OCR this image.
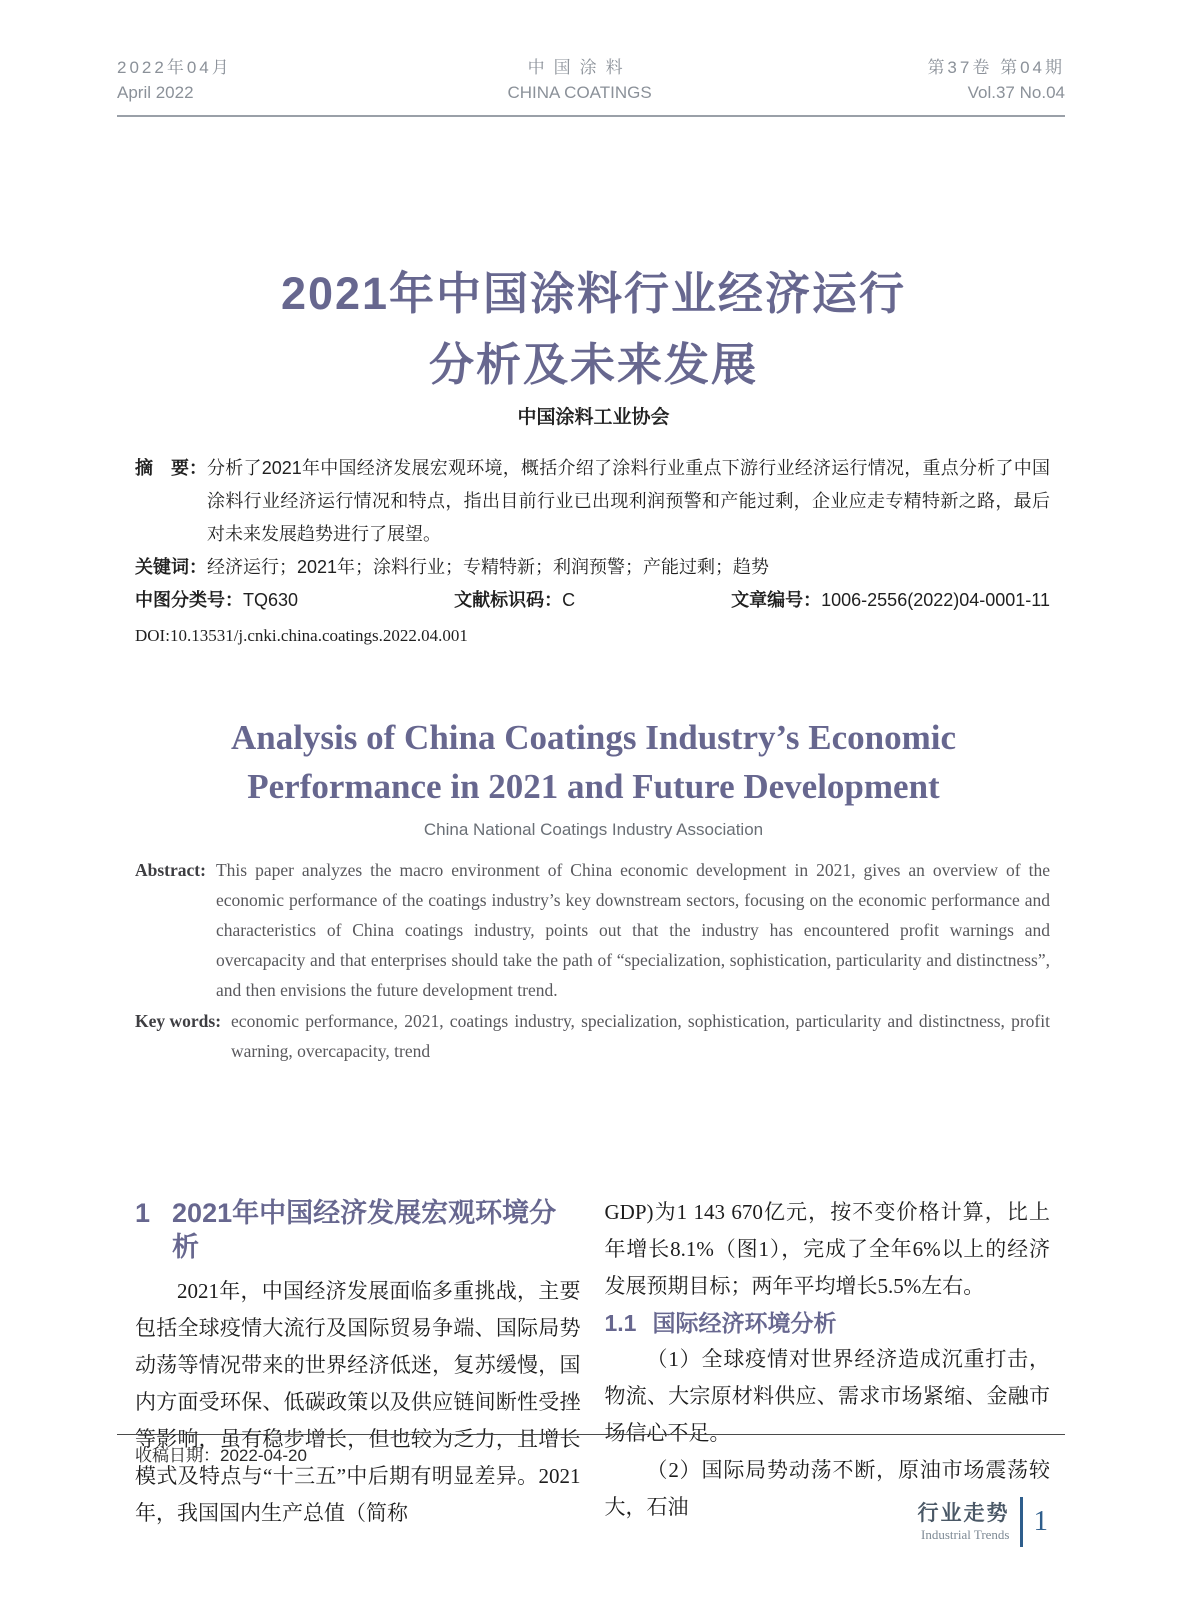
2022年04月
April 2022
中国涂料
CHINA COATINGS
第37卷 第04期
Vol.37 No.04
2021年中国涂料行业经济运行
分析及未来发展
中国涂料工业协会
摘　要： 分析了2021年中国经济发展宏观环境，概括介绍了涂料行业重点下游行业经济运行情况，重点分析了中国涂料行业经济运行情况和特点，指出目前行业已出现利润预警和产能过剩，企业应走专精特新之路，最后对未来发展趋势进行了展望。
关键词： 经济运行；2021年；涂料行业；专精特新；利润预警；产能过剩；趋势
中图分类号：TQ630	文献标识码：C	文章编号：1006-2556(2022)04-0001-11
DOI:10.13531/j.cnki.china.coatings.2022.04.001
Analysis of China Coatings Industry’s Economic
Performance in 2021 and Future Development
China National Coatings Industry Association
Abstract: This paper analyzes the macro environment of China economic development in 2021, gives an overview of the economic performance of the coatings industry’s key downstream sectors, focusing on the economic performance and characteristics of China coatings industry, points out that the industry has encountered profit warnings and overcapacity and that enterprises should take the path of “specialization, sophistication, particularity and distinctness”, and then envisions the future development trend.
Key words: economic performance, 2021, coatings industry, specialization, sophistication, particularity and distinctness, profit warning, overcapacity, trend
1 2021年中国经济发展宏观环境分析

2021年，中国经济发展面临多重挑战，主要包括全球疫情大流行及国际贸易争端、国际局势动荡等情况带来的世界经济低迷，复苏缓慢，国内方面受环保、低碳政策以及供应链间断性受挫等影响，虽有稳步增长，但也较为乏力，且增长模式及特点与“十三五”中后期有明显差异。2021年，我国国内生产总值（简称

GDP)为1 143 670亿元，按不变价格计算，比上年增长8.1%（图1），完成了全年6%以上的经济发展预期目标；两年平均增长5.5%左右。

1.1 国际经济环境分析

（1）全球疫情对世界经济造成沉重打击，物流、大宗原材料供应、需求市场紧缩、金融市场信心不足。

（2）国际局势动荡不断，原油市场震荡较大，石油

收稿日期：2022-04-20
行业走势
Industrial Trends 1
